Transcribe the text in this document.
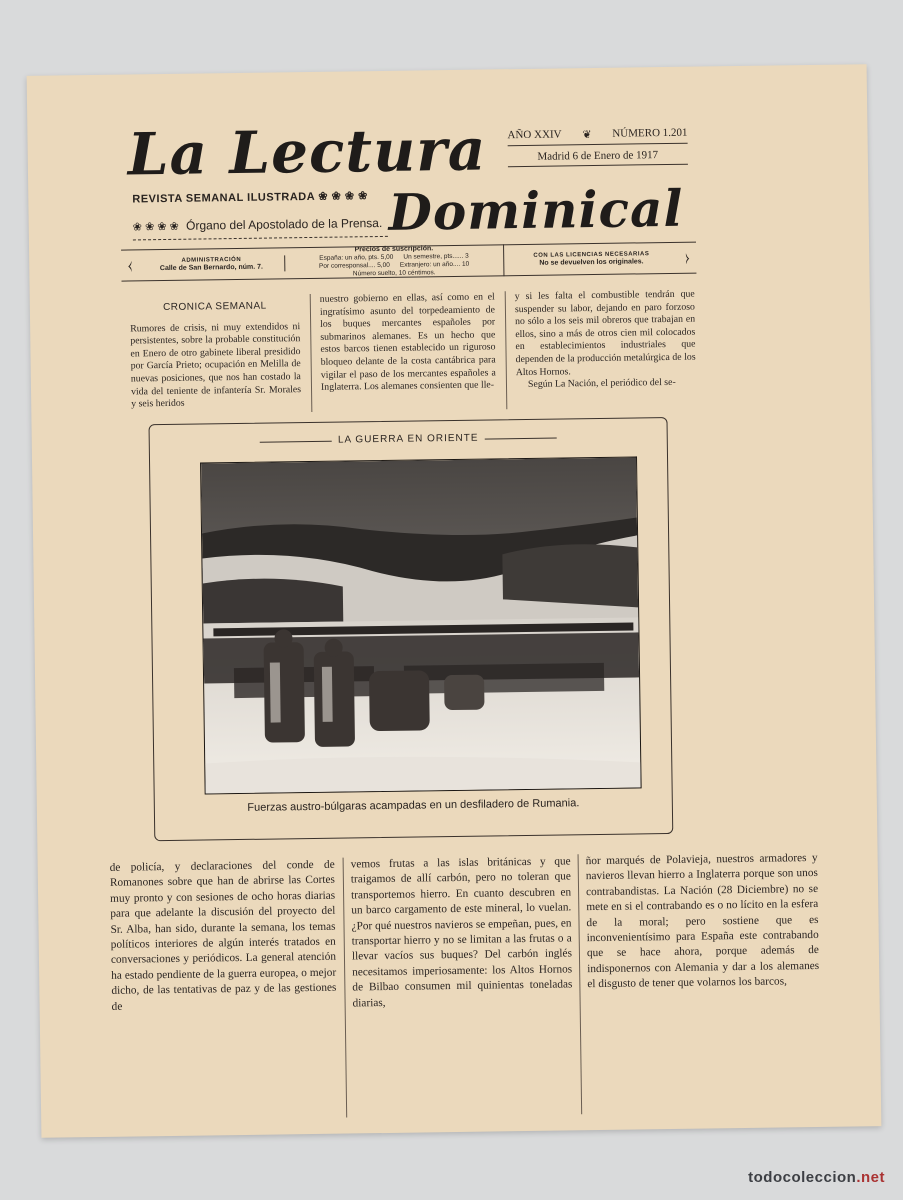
La Lectura
Dominical
REVISTA SEMANAL ILUSTRADA ❀ ❀ ❀ ❀
❀ ❀ ❀ ❀ Órgano del Apostolado de la Prensa.
AÑO XXIV ❦ NÚMERO 1.201
Madrid 6 de Enero de 1917
⧼	ADMINISTRACIÓN
Calle de San Bernardo, núm. 7.
Precios de suscripción.
España: un año, pts. 5,00 Un semestre, pts...... 3
Por corresponsal.... 5,00 Extranjero: un año.... 10
Número suelto, 10 céntimos.
CON LAS LICENCIAS NECESARIAS
No se devuelven los originales.	⧽
CRONICA SEMANAL

Rumores de crisis, ni muy extendidos ni persistentes, sobre la probable constitución en Enero de otro gabinete liberal presidido por García Prieto; ocupación en Melilla de nuevas posiciones, que nos han costado la vida del teniente de infantería Sr. Morales y seis heridos

nuestro gobierno en ellas, así como en el ingratísimo asunto del torpedeamiento de los buques mercantes españoles por submarinos alemanes. Es un hecho que estos barcos tienen establecido un riguroso bloqueo delante de la costa cantábrica para vigilar el paso de los mercantes españoles a Inglaterra. Los alemanes consienten que lle-

y si les falta el combustible tendrán que suspender su labor, dejando en paro forzoso no sólo a los seis mil obreros que trabajan en ellos, sino a más de otros cien mil colocados en establecimientos industriales que dependen de la producción metalúrgica de los Altos Hornos.

Según La Nación, el periódico del se-

LA GUERRA EN ORIENTE
Fuerzas austro-búlgaras acampadas en un desfiladero de Rumania.

de policía, y declaraciones del conde de Romanones sobre que han de abrirse las Cortes muy pronto y con sesiones de ocho horas diarias para que adelante la discusión del proyecto del Sr. Alba, han sido, durante la semana, los temas políticos interiores de algún interés tratados en conversaciones y periódicos. La general atención ha estado pendiente de la guerra europea, o mejor dicho, de las tentativas de paz y de las gestiones de

vemos frutas a las islas británicas y que traigamos de allí carbón, pero no toleran que transportemos hierro. En cuanto descubren en un barco cargamento de este mineral, lo vuelan. ¿Por qué nuestros navieros se empeñan, pues, en transportar hierro y no se limitan a las frutas o a llevar vacíos sus buques? Del carbón inglés necesitamos imperiosamente: los Altos Hornos de Bilbao consumen mil quinientas toneladas diarias,

ñor marqués de Polavieja, nuestros armadores y navieros llevan hierro a Inglaterra porque son unos contrabandistas. La Nación (28 Diciembre) no se mete en si el contrabando es o no lícito en la esfera de la moral; pero sostiene que es inconvenientísimo para España este contrabando que se hace ahora, porque además de indisponernos con Alemania y dar a los alemanes el disgusto de tener que volarnos los barcos,

todocoleccion.net
